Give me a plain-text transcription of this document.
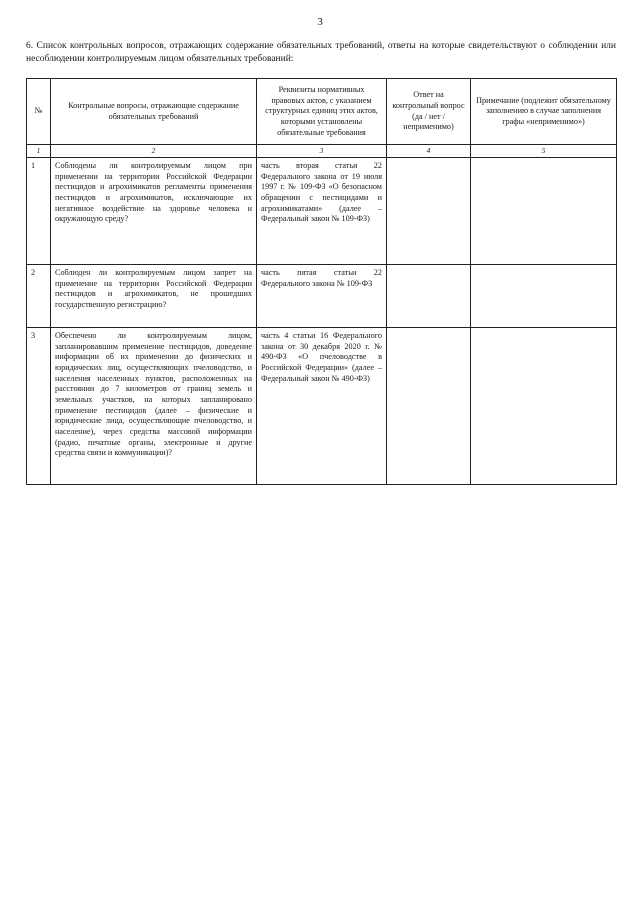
3
6. Список контрольных вопросов, отражающих содержание обязательных требований, ответы на которые свидетельствуют о соблюдении или несоблюдении контролируемым лицом обязательных требований:
№	Контрольные вопросы, отражающие содержание обязательных требований	Реквизиты нормативных правовых актов, с указанием структурных единиц этих актов, которыми установлены обязательные требования	Ответ на контрольный вопрос (да / нет / неприменимо)	Примечание (подлежит обязательному заполнению в случае заполнения графы «неприменимо»)
1	2	3	4	5
1	Соблюдены ли контролируемым лицом при применении на территории Российской Федерации пестицидов и агрохимикатов регламенты применения пестицидов и агрохимикатов, исключающие их негативное воздействие на здоровье человека и окружающую среду?	часть вторая статьи 22 Федерального закона от 19 июля 1997 г. № 109-ФЗ «О безопасном обращении с пестицидами и агрохимикатами» (далее – Федеральный закон № 109-ФЗ)		
2	Соблюден ли контролируемым лицом запрет на применение на территории Российской Федерации пестицидов и агрохимикатов, не прошедших государственную регистрацию?	часть пятая статьи 22 Федерального закона № 109-ФЗ		
3	Обеспечено ли контролируемым лицом, запланировавшим применение пестицидов, доведение информации об их применении до физических и юридических лиц, осуществляющих пчеловодство, и населения населенных пунктов, расположенных на расстоянии до 7 километров от границ земель и земельных участков, на которых запланировано применение пестицидов (далее – физические и юридические лица, осуществляющие пчеловодство, и население), через средства массовой информации (радио, печатные органы, электронные и другие средства связи и коммуникации)?	часть 4 статьи 16 Федерального закона от 30 декабря 2020 г. № 490-ФЗ «О пчеловодстве в Российской Федерации» (далее – Федеральный закон № 490-ФЗ)		
